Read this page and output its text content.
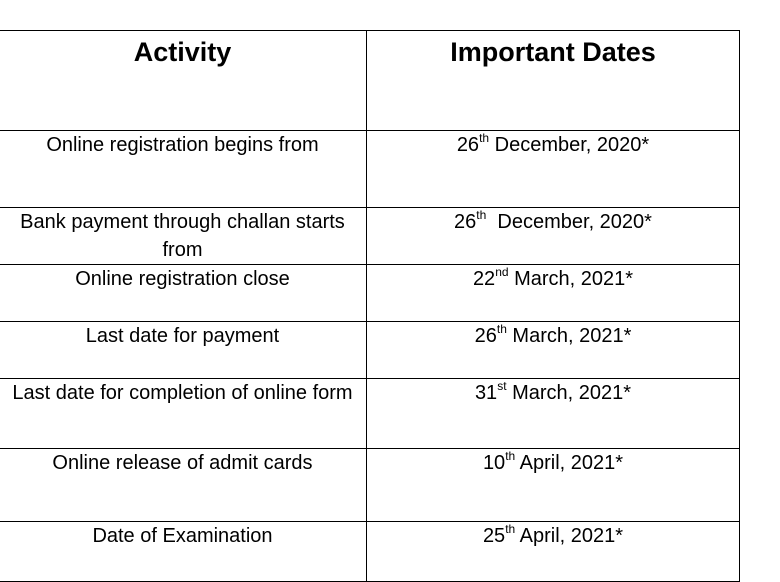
Activity	Important Dates
Online registration begins from	26th December, 2020*
Bank payment through challan starts from	26th  December, 2020*
Online registration close	22nd March, 2021*
Last date for payment	26th March, 2021*
Last date for completion of online form	31st March, 2021*
Online release of admit cards	10th April, 2021*
Date of Examination	25th April, 2021*
